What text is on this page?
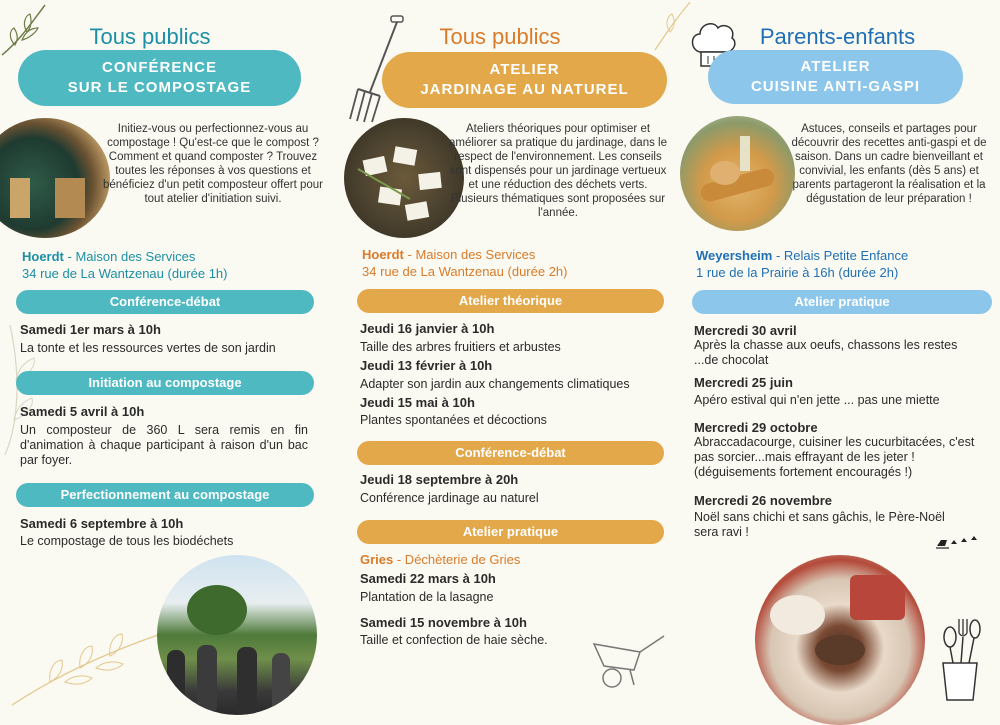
Tous publics
CONFÉRENCE
SUR LE COMPOSTAGE
Initiez-vous ou perfectionnez-vous au compostage ! Qu'est-ce que le compost ? Comment et quand composter ? Trouvez toutes les réponses à vos questions et bénéficiez d'un petit composteur offert pour tout atelier d'initiation suivi.
Hoerdt - Maison des Services
34 rue de La Wantzenau (durée 1h)
Conférence-débat
Samedi 1er mars à 10h
La tonte et les ressources vertes de son jardin
Initiation au compostage
Samedi 5 avril à 10h
Un composteur de 360 L sera remis en fin d'animation à chaque participant à raison d'un bac par foyer.
Perfectionnement au compostage
Samedi 6 septembre à 10h
Le compostage de tous les biodéchets
Tous publics
ATELIER
JARDINAGE AU NATUREL
Ateliers théoriques pour optimiser et améliorer sa pratique du jardinage, dans le respect de l'environnement. Les conseils sont dispensés pour un jardinage vertueux et une réduction des déchets verts. Plusieurs thématiques sont proposées sur l'année.
Hoerdt - Maison des Services
34 rue de La Wantzenau (durée 2h)
Atelier théorique
Jeudi 16 janvier à 10h
Taille des arbres fruitiers et arbustes
Jeudi 13 février à 10h
Adapter son jardin aux changements climatiques
Jeudi 15 mai à 10h
Plantes spontanées et décoctions
Conférence-débat
Jeudi 18 septembre à 20h
Conférence jardinage au naturel
Atelier pratique
Gries - Déchèterie de Gries
Samedi 22 mars à 10h
Plantation de la lasagne
Samedi 15 novembre à 10h
Taille et confection de haie sèche.
Parents-enfants
ATELIER
CUISINE ANTI-GASPI
Astuces, conseils et partages pour découvrir des recettes anti-gaspi et de saison. Dans un cadre bienveillant et convivial, les enfants (dès 5 ans) et parents partageront la réalisation et la dégustation de leur préparation !
Weyersheim - Relais Petite Enfance
1 rue de la Prairie à 16h (durée 2h)
Atelier pratique
Mercredi 30 avril
Après la chasse aux oeufs, chassons les restes ...de chocolat
Mercredi 25 juin
Apéro estival qui n'en jette ... pas une miette
Mercredi 29 octobre
Abraccadacourge, cuisiner les cucurbitacées, c'est pas sorcier...mais effrayant de les jeter ! (déguisements fortement encouragés !)
Mercredi 26 novembre
Noël sans chichi et sans gâchis, le Père-Noël sera ravi !
